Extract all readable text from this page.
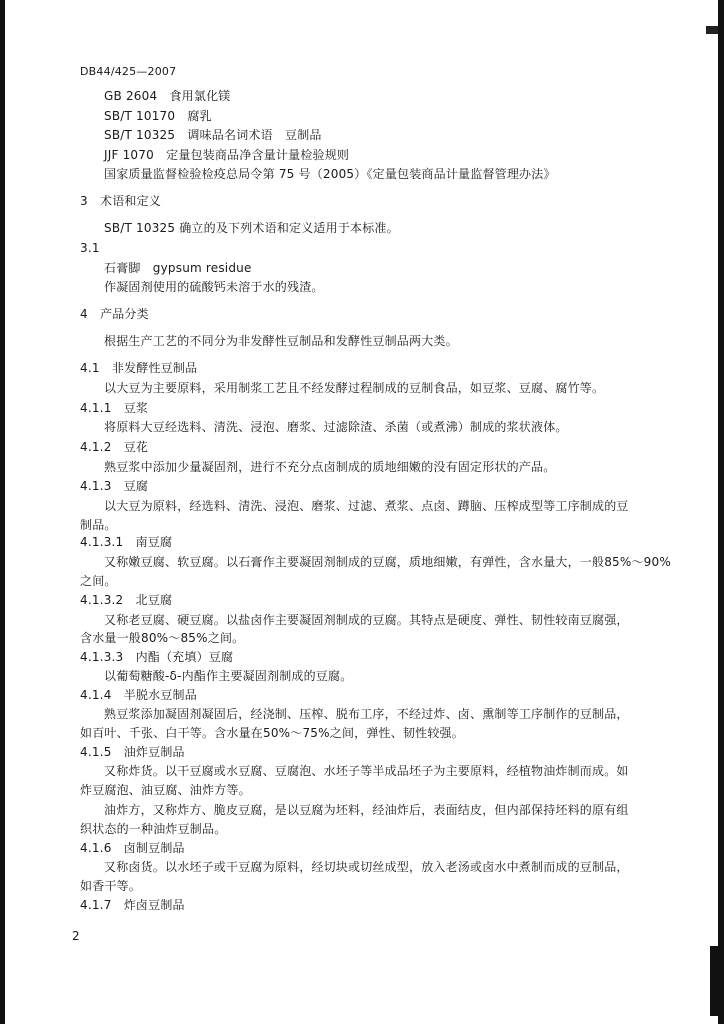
DB44/425—2007
GB 2604　食用氯化镁
SB/T 10170　腐乳
SB/T 10325　调味品名词术语　豆制品
JJF 1070　定量包装商品净含量计量检验规则
国家质量监督检验检疫总局令第 75 号（2005）《定量包装商品计量监督管理办法》
3　术语和定义
SB/T 10325 确立的及下列术语和定义适用于本标准。
3.1
石膏脚　gypsum residue
作凝固剂使用的硫酸钙未溶于水的残渣。
4　产品分类
根据生产工艺的不同分为非发酵性豆制品和发酵性豆制品两大类。
4.1　非发酵性豆制品
以大豆为主要原料，采用制浆工艺且不经发酵过程制成的豆制食品，如豆浆、豆腐、腐竹等。
4.1.1　豆浆
将原料大豆经选料、清洗、浸泡、磨浆、过滤除渣、杀菌（或煮沸）制成的浆状液体。
4.1.2　豆花
熟豆浆中添加少量凝固剂，进行不充分点卤制成的质地细嫩的没有固定形状的产品。
4.1.3　豆腐
以大豆为原料，经选料、清洗、浸泡、磨浆、过滤、煮浆、点卤、蹲脑、压榨成型等工序制成的豆
制品。
4.1.3.1　南豆腐
又称嫩豆腐、软豆腐。以石膏作主要凝固剂制成的豆腐，质地细嫩，有弹性，含水量大，一般85%～90%
之间。
4.1.3.2　北豆腐
又称老豆腐、硬豆腐。以盐卤作主要凝固剂制成的豆腐。其特点是硬度、弹性、韧性较南豆腐强，
含水量一般80%～85%之间。
4.1.3.3　内酯（充填）豆腐
以葡萄糖酸-δ-内酯作主要凝固剂制成的豆腐。
4.1.4　半脱水豆制品
熟豆浆添加凝固剂凝固后，经浇制、压榨、脱布工序，不经过炸、卤、熏制等工序制作的豆制品，
如百叶、千张、白干等。含水量在50%～75%之间，弹性、韧性较强。
4.1.5　油炸豆制品
又称炸货。以干豆腐或水豆腐、豆腐泡、水坯子等半成品坯子为主要原料，经植物油炸制而成。如
炸豆腐泡、油豆腐、油炸方等。
油炸方，又称炸方、脆皮豆腐，是以豆腐为坯料，经油炸后，表面结皮，但内部保持坯料的原有组
织状态的一种油炸豆制品。
4.1.6　卤制豆制品
又称卤货。以水坯子或干豆腐为原料，经切块或切丝成型，放入老汤或卤水中煮制而成的豆制品，
如香干等。
4.1.7　炸卤豆制品
2
